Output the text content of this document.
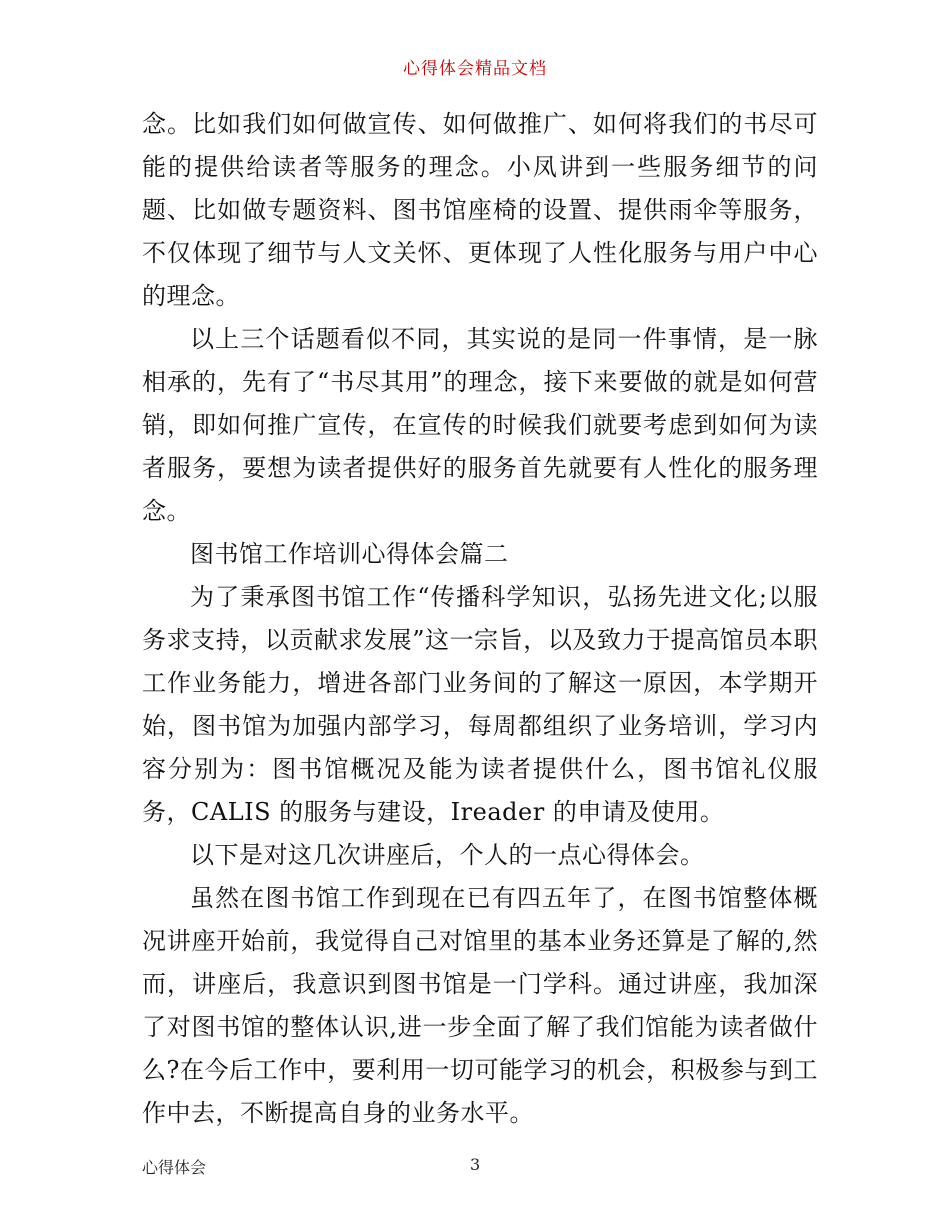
心得体会精品文档

念。比如我们如何做宣传、如何做推广、如何将我们的书尽可能的提供给读者等服务的理念。小凤讲到一些服务细节的问题、比如做专题资料、图书馆座椅的设置、提供雨伞等服务，不仅体现了细节与人文关怀、更体现了人性化服务与用户中心的理念。

以上三个话题看似不同，其实说的是同一件事情，是一脉相承的，先有了“书尽其用”的理念，接下来要做的就是如何营销，即如何推广宣传，在宣传的时候我们就要考虑到如何为读者服务，要想为读者提供好的服务首先就要有人性化的服务理念。

图书馆工作培训心得体会篇二

为了秉承图书馆工作“传播科学知识，弘扬先进文化;以服务求支持，以贡献求发展”这一宗旨，以及致力于提高馆员本职工作业务能力，增进各部门业务间的了解这一原因，本学期开始，图书馆为加强内部学习，每周都组织了业务培训，学习内容分别为：图书馆概况及能为读者提供什么，图书馆礼仪服务，CALIS 的服务与建设，Ireader 的申请及使用。

以下是对这几次讲座后，个人的一点心得体会。

虽然在图书馆工作到现在已有四五年了，在图书馆整体概况讲座开始前，我觉得自己对馆里的基本业务还算是了解的,然而，讲座后，我意识到图书馆是一门学科。通过讲座，我加深了对图书馆的整体认识,进一步全面了解了我们馆能为读者做什么?在今后工作中，要利用一切可能学习的机会，积极参与到工作中去，不断提高自身的业务水平。

心得体会	3
